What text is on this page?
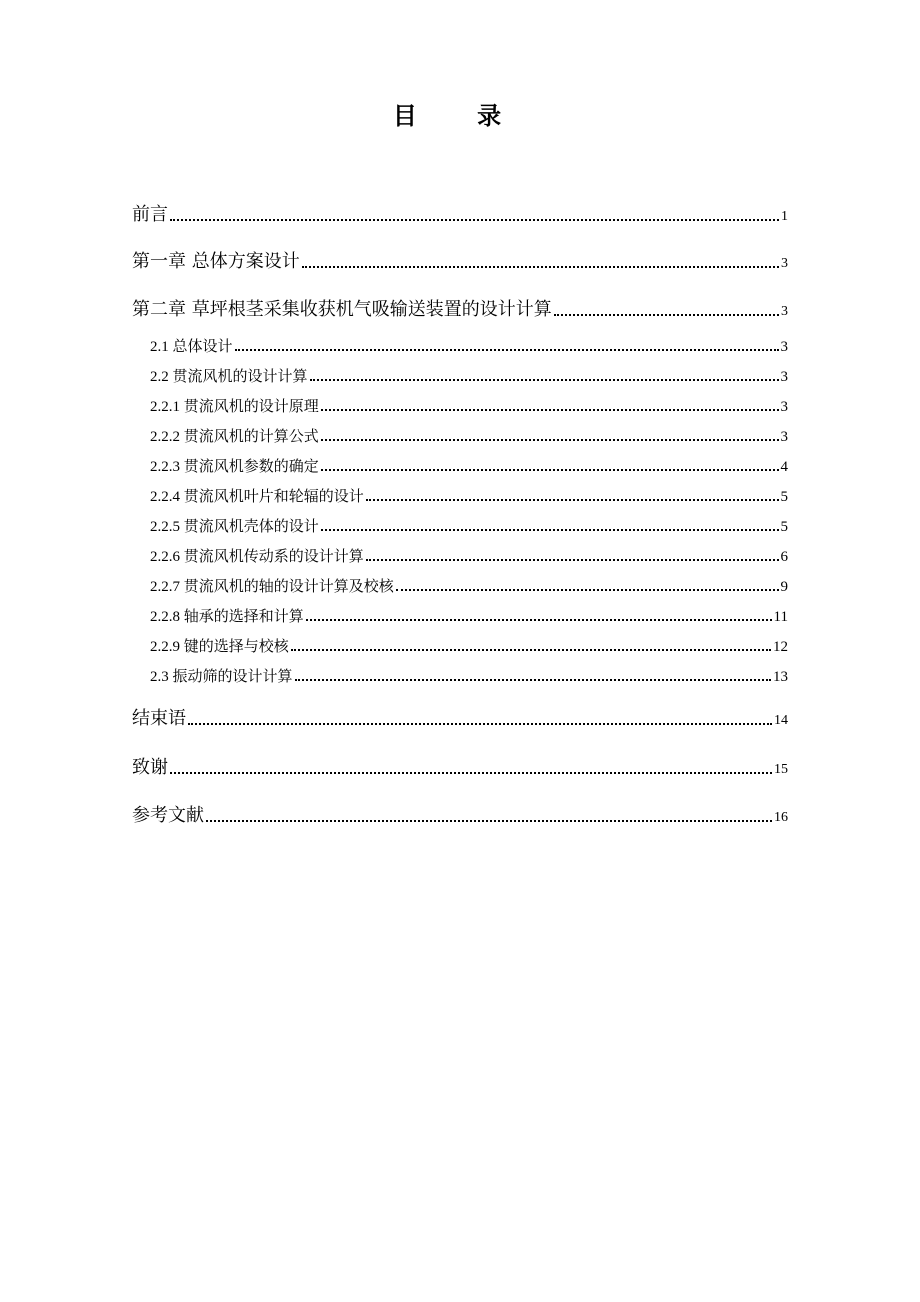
目 录
前言	1
第一章 总体方案设计	3
第二章 草坪根茎采集收获机气吸输送装置的设计计算	3
2.1 总体设计	3
2.2 贯流风机的设计计算	3
2.2.1 贯流风机的设计原理	3
2.2.2 贯流风机的计算公式	3
2.2.3 贯流风机参数的确定	4
2.2.4 贯流风机叶片和轮辐的设计	5
2.2.5 贯流风机壳体的设计	5
2.2.6 贯流风机传动系的设计计算	6
2.2.7 贯流风机的轴的设计计算及校核	9
2.2.8 轴承的选择和计算	11
2.2.9 键的选择与校核	12
2.3 振动筛的设计计算	13
结束语	14
致谢	15
参考文献	16
